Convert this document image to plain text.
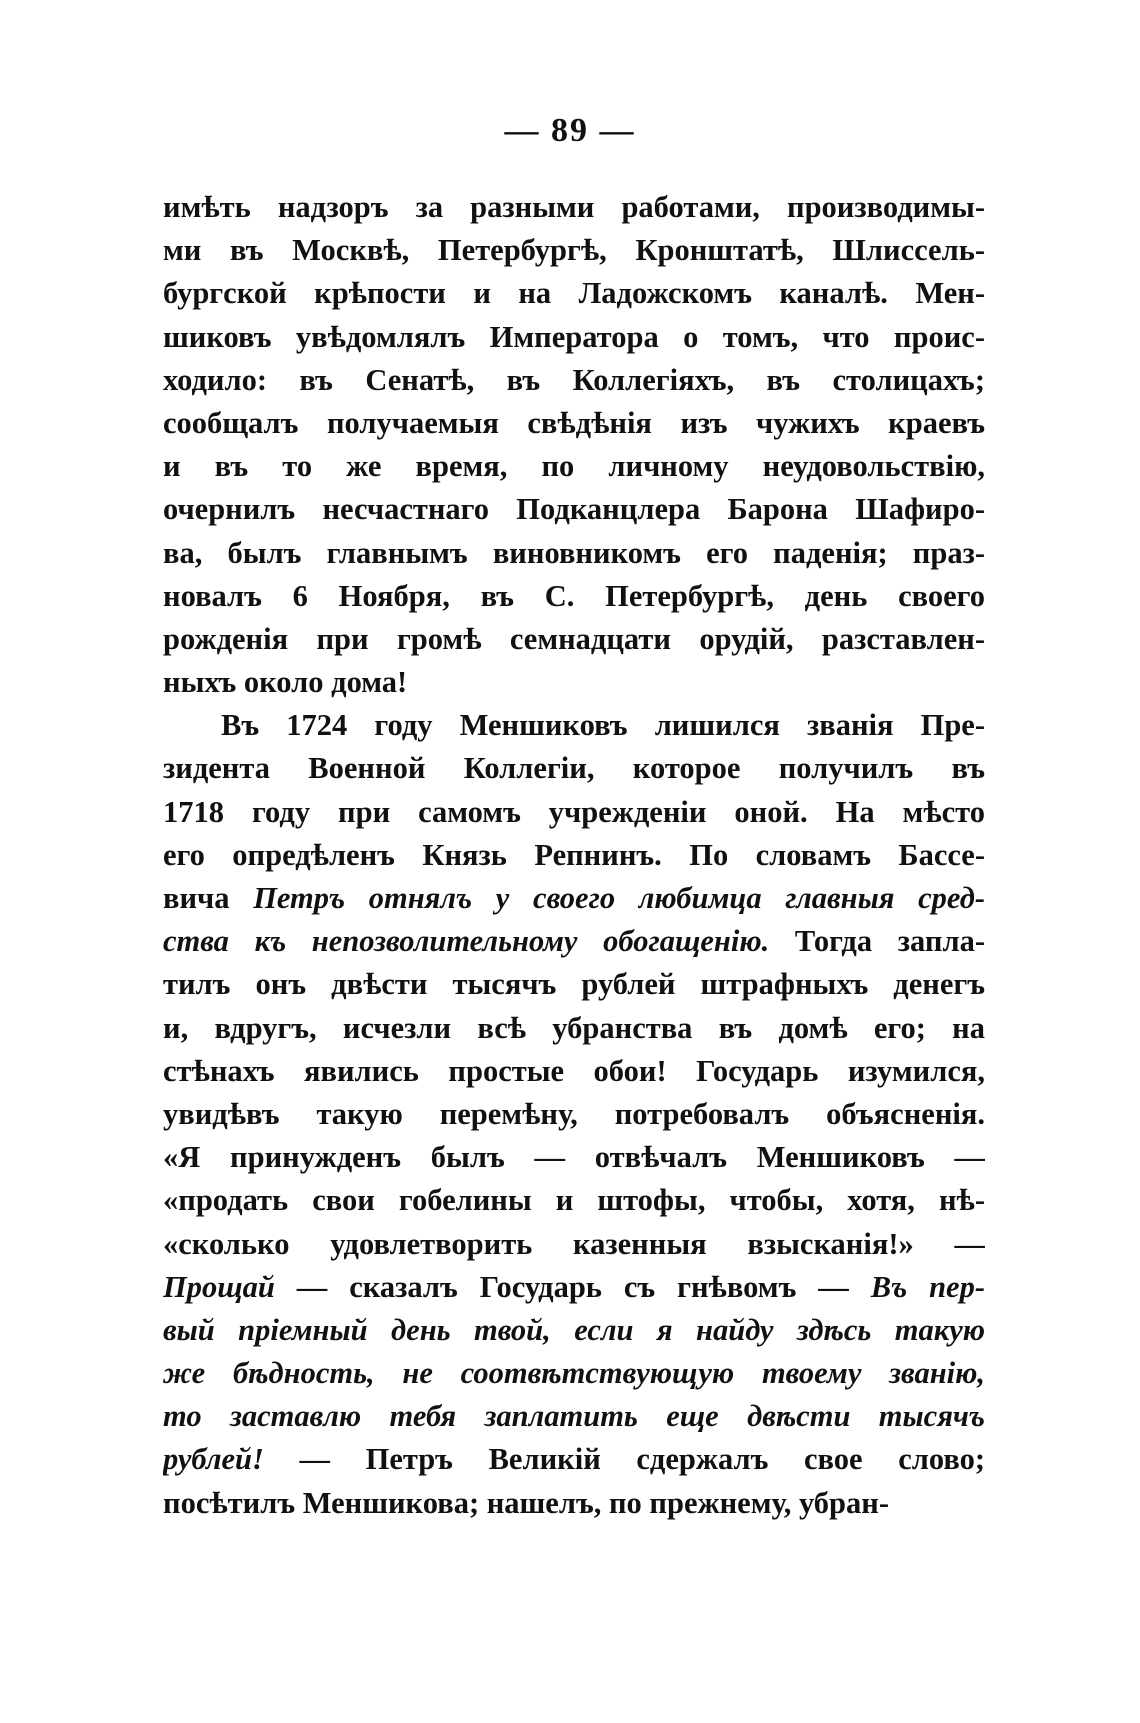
— 89 —
имѣть надзоръ за разными работами, производимы-
ми въ Москвѣ, Петербургѣ, Кронштатѣ, Шлиссель-
бургской крѣпости и на Ладожскомъ каналѣ. Мен-
шиковъ увѣдомлялъ Императора о томъ, что проис-
ходило: въ Сенатѣ, въ Коллегіяхъ, въ столицахъ;
сообщалъ получаемыя свѣдѣнія изъ чужихъ краевъ
и въ то же время, по личному неудовольствію,
очернилъ несчастнаго Подканцлера Барона Шафиро-
ва, былъ главнымъ виновникомъ его паденія; праз-
новалъ 6 Ноября, въ С. Петербургѣ, день своего
рожденія при громѣ семнадцати орудій, разставлен-
ныхъ около дома!
Въ 1724 году Меншиковъ лишился званія Пре-
зидента Военной Коллегіи, которое получилъ въ
1718 году при самомъ учрежденіи оной. На мѣсто
его опредѣленъ Князь Репнинъ. По словамъ Бассе-
вича Петръ отнялъ у своего любимца главныя сред-
ства къ непозволительному обогащенію. Тогда запла-
тилъ онъ двѣсти тысячъ рублей штрафныхъ денегъ
и, вдругъ, исчезли всѣ убранства въ домѣ его; на
стѣнахъ явились простые обои! Государь изумился,
увидѣвъ такую перемѣну, потребовалъ объясненія.
«Я принужденъ былъ — отвѣчалъ Меншиковъ —
«продать свои гобелины и штофы, чтобы, хотя, нѣ-
«сколько удовлетворить казенныя взысканія!» —
Прощай — сказалъ Государь съ гнѣвомъ — Въ пер-
вый пріемный день твой, если я найду здѣсь такую
же бѣдность, не соотвѣтствующую твоему званію,
то заставлю тебя заплатить еще двѣсти тысячъ
рублей! — Петръ Великій сдержалъ свое слово;
посѣтилъ Меншикова; нашелъ, по прежнему, убран-
